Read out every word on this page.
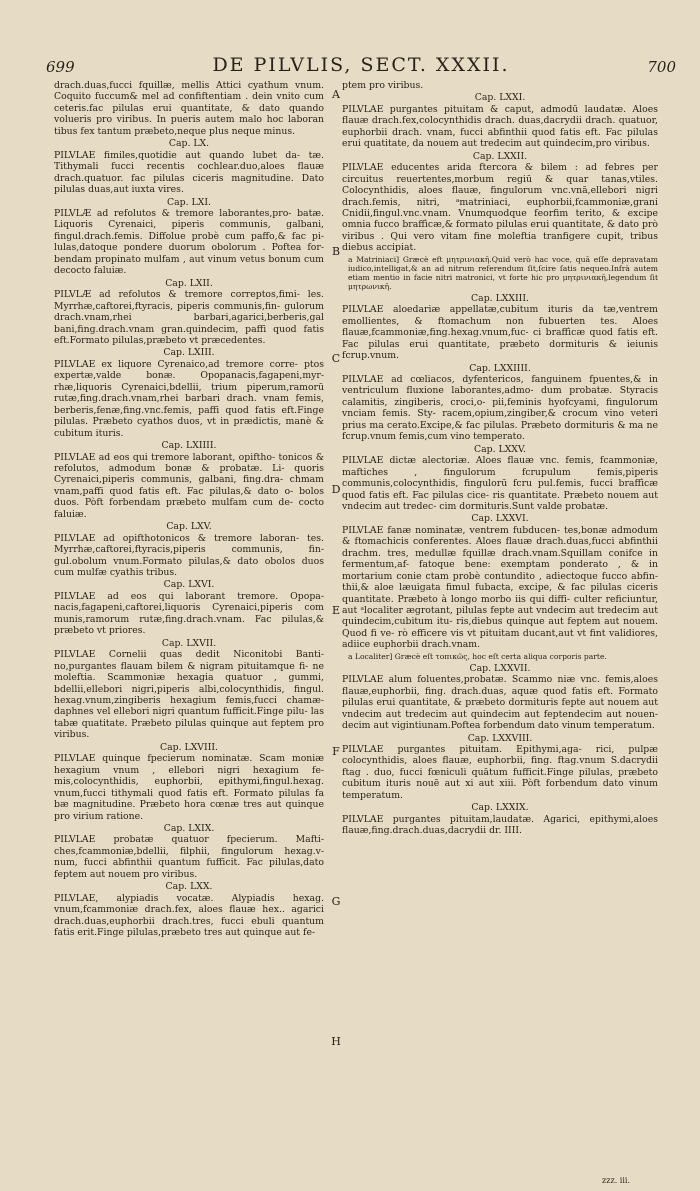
699	DE PILVLIS, SECT. XXXII.	700

drach.duas,fucci fquillæ, mellis Attici cyathum vnum. Coquito fuccum& mel ad confiftentiam . dein vnito cum ceteris.fac pilulas erui quantitate, & dato quando volueris pro viribus. In pueris autem malo hoc laboran tibus fex tantum præbeto,neque plus neque minus.

Cap. LX.

PILVLAE fimiles,quotidie aut quando lubet da- tæ. Tithymali fucci recentis cochlear.duo,aloes flauæ drach.quatuor. fac pilulas ciceris magnitudine. Dato pilulas duas,aut iuxta vires.

Cap. LXI.

PILVLÆ ad refolutos & tremore laborantes,pro- batæ. Liquoris Cyrenaici, piperis communis, galbani, fingul.drach.femis. Diffolue probè cum paffo,& fac pi- lulas,datoque pondere duorum obolorum . Poftea for- bendam propinato mulfam , aut vinum vetus bonum cum decocto faluiæ.

Cap. LXII.

PILVLÆ ad refolutos & tremore correptos,fimi- les. Myrrhæ,caftorei,ftyracis, piperis communis,fin- gulorum drach.vnam,rhei barbari,agarici,berberis,gal bani,fing.drach.vnam gran.quindecim, paffi quod fatis eft.Formato pilulas,præbeto vt præcedentes.

Cap. LXIII.

PILVLAE ex liquore Cyrenaico,ad tremore corre- ptos expertæ,valde bonæ. Opopanacis,fagapeni,myr- rhæ,liquoris Cyrenaici,bdellii, trium piperum,ramorū rutæ,fing.drach.vnam,rhei barbari drach. vnam femis, berberis,fenæ,fing.vnc.femis, paffi quod fatis eft.Finge pilulas. Præbeto cyathos duos, vt in prædictis, manè & cubitum ituris.

Cap. LXIIII.

PILVLAE ad eos qui tremore laborant, opiftho- tonicos & refolutos, admodum bonæ & probatæ. Li- quoris Cyrenaici,piperis communis, galbani, fing.dra- chmam vnam,paffi quod fatis eft. Fac pilulas,& dato o- bolos duos. Pòft forbendam præbeto mulfam cum de- cocto faluiæ.

Cap. LXV.

PILVLAE ad opifthotonicos & tremore laboran- tes. Myrrhæ,caftorei,ftyracis,piperis communis, fin- gul.obolum vnum.Formato pilulas,& dato obolos duos cum mulfæ cyathis tribus.

Cap. LXVI.

PILVLAE ad eos qui laborant tremore. Opopa- nacis,fagapeni,caftorei,liquoris Cyrenaici,piperis com munis,ramorum rutæ,fing.drach.vnam. Fac pilulas,& præbeto vt priores.

Cap. LXVII.

PILVLAE Cornelii quas dedit Niconitobi Banti- no,purgantes flauam bilem & nigram pituitamque fi- ne moleftia. Scammoniæ hexagia quatuor , gummi, bdellii,ellebori nigri,piperis albi,colocynthidis, fingul. hexag.vnum,zingiberis hexagium femis,fucci chamæ- daphnes vel ellebori nigri quantum fufficit.Finge pilu- las tabæ quatitate. Præbeto pilulas quinque aut feptem pro viribus.

Cap. LXVIII.

PILVLAE quinque fpecierum nominatæ. Scam moniæ hexagium vnum , ellebori nigri hexagium fe- mis,colocynthidis, euphorbii, epithymi,fingul.hexag. vnum,fucci tithymali quod fatis eft. Formato pilulas fa bæ magnitudine. Præbeto hora cœnæ tres aut quinque pro virium ratione.

Cap. LXIX.

PILVLAE probatæ quatuor fpecierum. Mafti- ches,fcammoniæ,bdellii, filphii, fingulorum hexag.v- num, fucci abfinthii quantum fufficit. Fac pilulas,dato feptem aut nouem pro viribus.

Cap. LXX.

PILVLAE, alypiadis vocatæ. Alypiadis hexag. vnum,fcammoniæ drach.fex, aloes flauæ hex.. agarici drach.duas,euphorbii drach.tres, fucci ebuli quantum fatis erit.Finge pilulas,præbeto tres aut quinque aut fe-

A
B
C
D
E
F
G
H

ptem pro viribus.

Cap. LXXI.

PILVLAE purgantes pituitam & caput, admodū laudatæ. Aloes flauæ drach.fex,colocynthidis drach. duas,dacrydii drach. quatuor, euphorbii drach. vnam, fucci abfinthii quod fatis eft. Fac pilulas erui quatitate, da nouem aut tredecim aut quindecim,pro viribus.

Cap. LXXII.

PILVLAE educentes arida ftercora & bilem : ad febres per circuitus reuertentes,morbum regiū & quar tanas,vtiles. Colocynthidis, aloes flauæ, fingulorum vnc.vnā,ellebori nigri drach.femis, nitri, ᵃmatriniaci, euphorbii,fcammoniæ,grani Cnidii,fingul.vnc.vnam. Vnumquodque feorfim terito, & excipe omnia fucco braffìcæ,& formato pilulas erui quantitate, & dato prò viribus . Qui vero vitam fine moleftia tranfigere cupit, tribus diebus accipiat.

a Matriniaci] Græcè eft μητρινιακῆ.Quid verò hac voce, quā eſſe depravatam iudico,intelligat,& an ad nitrum referendum ſit,ſcire ſatis nequeo.Infrà autem etiam mentio in facie nitri matronici, vt forte hic pro μητρινιακῆ,legendum ſit μητρωνικῆ.

Cap. LXXIII.

PILVLAE aloedariæ appellatæ,cubitum ituris da tæ,ventrem emollientes, & ftomachum non fubuerten tes. Aloes flauæ,fcammoniæ,fing.hexag.vnum,fuc- ci braffìcæ quod fatis eft. Fac pilulas erui quantitate, præbeto dormituris & ieiunis fcrup.vnum.

Cap. LXXIIII.

PILVLAE ad cœliacos, dyfentericos, fanguinem fpuentes,& in ventriculum fluxione laborantes,admo- dum probatæ. Styracis calamitis, zingiberis, croci,o- pii,feminis hyofcyami, fingulorum vnciam femis. Sty- racem,opium,zingiber,& crocum vino veteri prius ma cerato.Excipe,& fac pilulas. Præbeto dormituris & ma ne fcrup.vnum femis,cum vino temperato.

Cap. LXXV.

PILVLAE dictæ alectoriæ. Aloes flauæ vnc. femis, fcammoniæ, maftiches , fingulorum fcrupulum femis,piperis communis,colocynthidis, fingulorū fcru pul.femis, fucci braffìcæ quod fatis eft. Fac pilulas cice- ris quantitate. Præbeto nouem aut vndecim aut tredec- cim dormituris.Sunt valde probatæ.

Cap. LXXVI.

PILVLAE fanæ nominatæ, ventrem fubducen- tes,bonæ admodum & ftomachicis conferentes. Aloes flauæ drach.duas,fucci abfinthii drachm. tres, medullæ fquillæ drach.vnam.Squillam conifce in fermentum,af- fatoque bene: exemptam ponderato , & in mortarium conie ctam probè contundito , adiectoque fucco abfin- thii,& aloe læuigata fimul fubacta, excipe, & fac pilulas ciceris quantitate. Præbeto à longo morbo iis qui diffi- culter reficiuntur, aut ᵃlocaliter ægrotant, pilulas fepte aut vndecim aut tredecim aut quindecim,cubitum itu- ris,diebus quinque aut feptem aut nouem. Quod fi ve- rò efficere vis vt pituitam ducant,aut vt fint validiores, adiice euphorbii drach.vnam.

a Localiter] Græcè eſt τοπικῶς, hoc eſt certa aliqua corporis parte.

Cap. LXXVII.

PILVLAE alum foluentes,probatæ. Scammo niæ vnc. femis,aloes flauæ,euphorbii, fing. drach.duas, aquæ quod fatis eft. Formato pilulas erui quantitate, & præbeto dormituris fepte aut nouem aut vndecim aut tredecim aut quindecim aut feptendecim aut nouen- decim aut vigintiunam.Poftea forbendum dato vinum temperatum.

Cap. LXXVIII.

PILVLAE purgantes pituitam. Epithymi,aga- rici, pulpæ colocynthidis, aloes flauæ, euphorbii, fing. ftag.vnum S.dacrydii ftag . duo, fucci fœniculi quātum fufficit.Finge pilulas, præbeto cubitum ituris nouē aut xi aut xiii. Pòft forbendum dato vinum temperatum.

Cap. LXXIX.

PILVLAE purgantes pituitam,laudatæ. Agarici, epithymi,aloes flauæ,fing.drach.duas,dacrydii dr. IIII.

zzz. iii.
